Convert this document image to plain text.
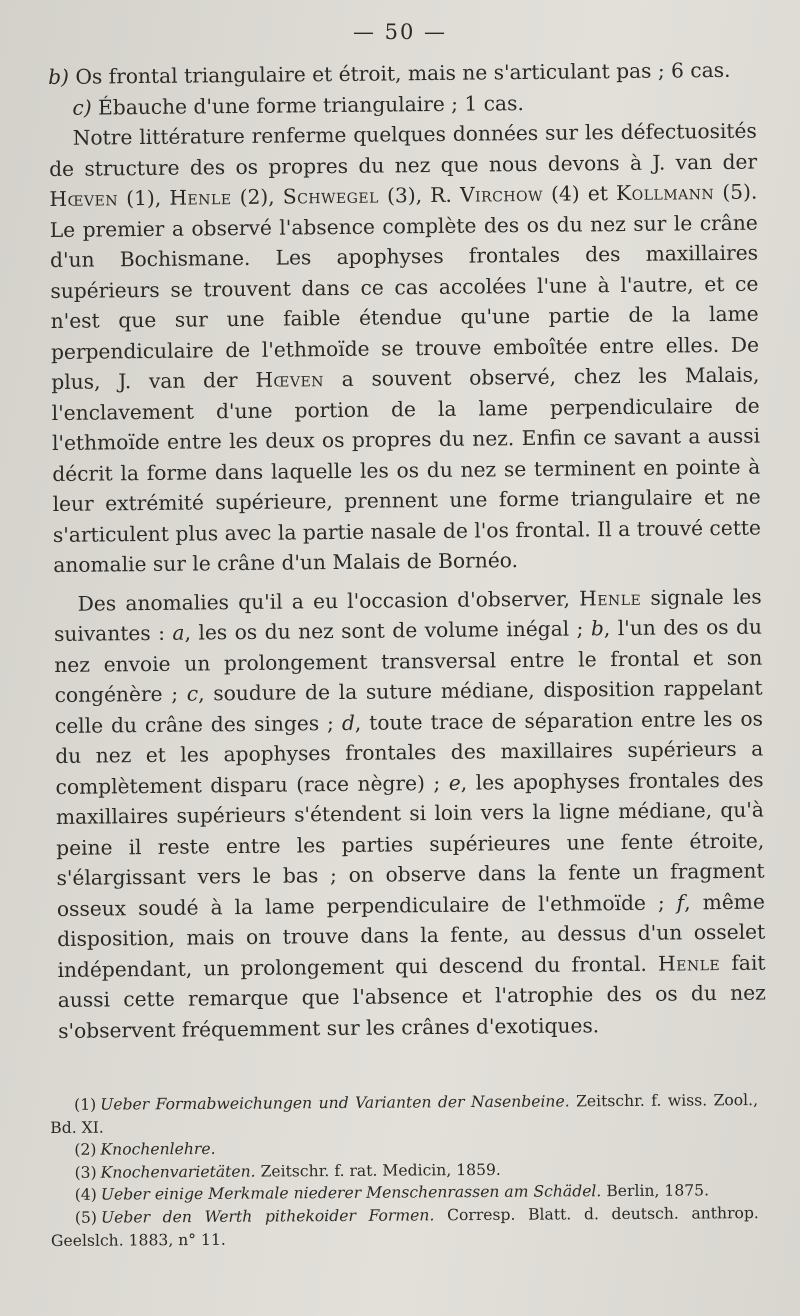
— 50 —

b) Os frontal triangulaire et étroit, mais ne s'articulant pas ; 6 cas.

c) Ébauche d'une forme triangulaire ; 1 cas.

Notre littérature renferme quelques données sur les défectuosités de structure des os propres du nez que nous devons à J. van der Hœven (1), Henle (2), Schwegel (3), R. Virchow (4) et Kollmann (5). Le premier a observé l'absence complète des os du nez sur le crâne d'un Bochismane. Les apophyses frontales des maxillaires supérieurs se trouvent dans ce cas accolées l'une à l'autre, et ce n'est que sur une faible étendue qu'une partie de la lame perpendiculaire de l'ethmoïde se trouve emboîtée entre elles. De plus, J. van der Hœven a souvent observé, chez les Malais, l'enclavement d'une portion de la lame perpendiculaire de l'ethmoïde entre les deux os propres du nez. Enfin ce savant a aussi décrit la forme dans laquelle les os du nez se terminent en pointe à leur extrémité supérieure, prennent une forme triangulaire et ne s'articulent plus avec la partie nasale de l'os frontal. Il a trouvé cette anomalie sur le crâne d'un Malais de Bornéo.

Des anomalies qu'il a eu l'occasion d'observer, Henle signale les suivantes : a, les os du nez sont de volume inégal ; b, l'un des os du nez envoie un prolongement transversal entre le frontal et son congénère ; c, soudure de la suture médiane, disposition rappelant celle du crâne des singes ; d, toute trace de séparation entre les os du nez et les apophyses frontales des maxillaires supérieurs a complètement disparu (race nègre) ; e, les apophyses frontales des maxillaires supérieurs s'étendent si loin vers la ligne médiane, qu'à peine il reste entre les parties supérieures une fente étroite, s'élargissant vers le bas ; on observe dans la fente un fragment osseux soudé à la lame perpendiculaire de l'ethmoïde ; f, même disposition, mais on trouve dans la fente, au dessus d'un osselet indépendant, un prolongement qui descend du frontal. Henle fait aussi cette remarque que l'absence et l'atrophie des os du nez s'observent fréquemment sur les crânes d'exotiques.

(1) Ueber Formabweichungen und Varianten der Nasenbeine. Zeitschr. f. wiss. Zool., Bd. XI.

(2) Knochenlehre.

(3) Knochenvarietäten. Zeitschr. f. rat. Medicin, 1859.

(4) Ueber einige Merkmale niederer Menschenrassen am Schädel. Berlin, 1875.

(5) Ueber den Werth pithekoider Formen. Corresp. Blatt. d. deutsch. anthrop. Geelslch. 1883, n° 11.
